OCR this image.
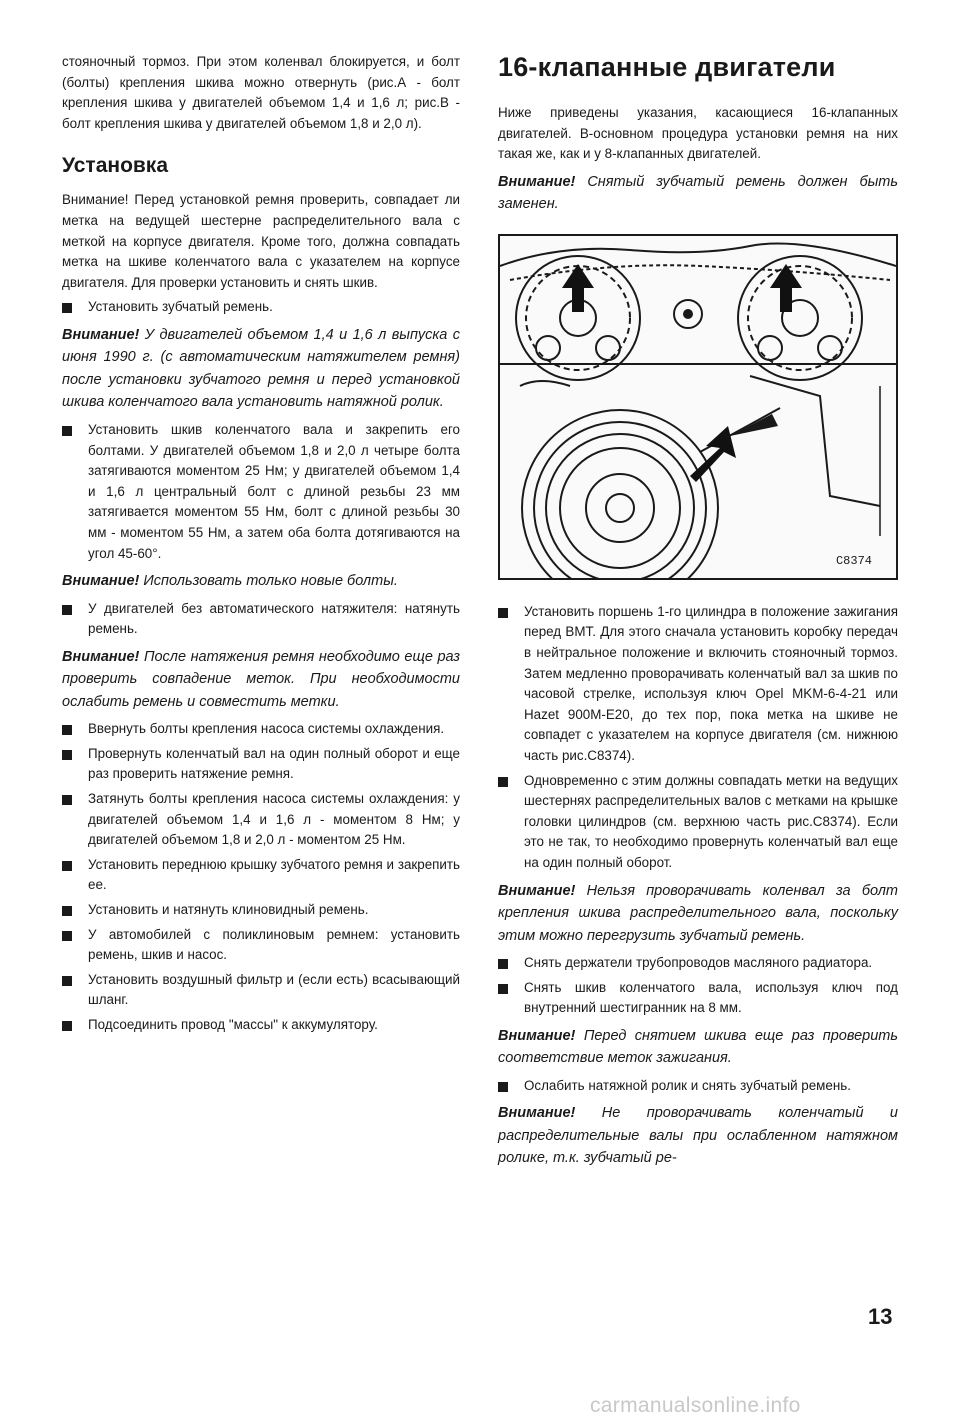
стояночный тормоз. При этом коленвал блокируется, и болт (болты) крепления шкива можно отвернуть (рис.А - болт крепления шкива у двигателей объемом 1,4 и 1,6 л; рис.В - болт крепления шкива у двигателей объемом 1,8 и 2,0 л).

Установка

Внимание! Перед установкой ремня проверить, совпадает ли метка на ведущей шестерне распределительного вала с меткой на корпусе двигателя. Кроме того, должна совпадать метка на шкиве коленчатого вала с указателем на корпусе двигателя. Для проверки установить и снять шкив.

Установить зубчатый ремень.

Внимание! У двигателей объемом 1,4 и 1,6 л выпуска с июня 1990 г. (с автоматическим натяжителем ремня) после установки зубчатого ремня и перед установкой шкива коленчатого вала установить натяжной ролик.

Установить шкив коленчатого вала и закрепить его болтами. У двигателей объемом 1,8 и 2,0 л четыре болта затягиваются моментом 25 Нм; у двигателей объемом 1,4 и 1,6 л центральный болт с длиной резьбы 23 мм затягивается моментом 55 Нм, болт с длиной резьбы 30 мм - моментом 55 Нм, а затем оба болта дотягиваются на угол 45-60°.

Внимание! Использовать только новые болты.

У двигателей без автоматического натяжителя: натянуть ремень.

Внимание! После натяжения ремня необходимо еще раз проверить совпадение меток. При необходимости ослабить ремень и совместить метки.

Ввернуть болты крепления насоса системы охлаждения.

Провернуть коленчатый вал на один полный оборот и еще раз проверить натяжение ремня.

Затянуть болты крепления насоса системы охлаждения: у двигателей объемом 1,4 и 1,6 л - моментом 8 Нм; у двигателей объемом 1,8 и 2,0 л - моментом 25 Нм.

Установить переднюю крышку зубчатого ремня и закрепить ее.

Установить и натянуть клиновидный ремень.

У автомобилей с поликлиновым ремнем: установить ремень, шкив и насос.

Установить воздушный фильтр и (если есть) всасывающий шланг.

Подсоединить провод "массы" к аккумулятору.

16-клапанные двигатели

Ниже приведены указания, касающиеся 16-клапанных двигателей. В-основном процедура установки ремня на них такая же, как и у 8-клапанных двигателей.

Внимание! Снятый зубчатый ремень должен быть заменен.

C8374

Установить поршень 1-го цилиндра в положение зажигания перед ВМТ. Для этого сначала установить коробку передач в нейтральное положение и включить стояночный тормоз. Затем медленно проворачивать коленчатый вал за шкив по часовой стрелке, используя ключ Opel MKM-6-4-21 или Hazet 900M-E20, до тех пор, пока метка на шкиве не совпадет с указателем на корпусе двигателя (см. нижнюю часть рис.С8374).

Одновременно с этим должны совпадать метки на ведущих шестернях распределительных валов с метками на крышке головки цилиндров (см. верхнюю часть рис.С8374). Если это не так, то необходимо провернуть коленчатый вал еще на один полный оборот.

Внимание! Нельзя проворачивать коленвал за болт крепления шкива распределительного вала, поскольку этим можно перегрузить зубчатый ремень.

Снять держатели трубопроводов масляного радиатора.

Снять шкив коленчатого вала, используя ключ под внутренний шестигранник на 8 мм.

Внимание! Перед снятием шкива еще раз проверить соответствие меток зажигания.

Ослабить натяжной ролик и снять зубчатый ремень.

Внимание! Не проворачивать коленчатый и распределительные валы при ослабленном натяжном ролике, т.к. зубчатый ре-

13
carmanualsonline.info
